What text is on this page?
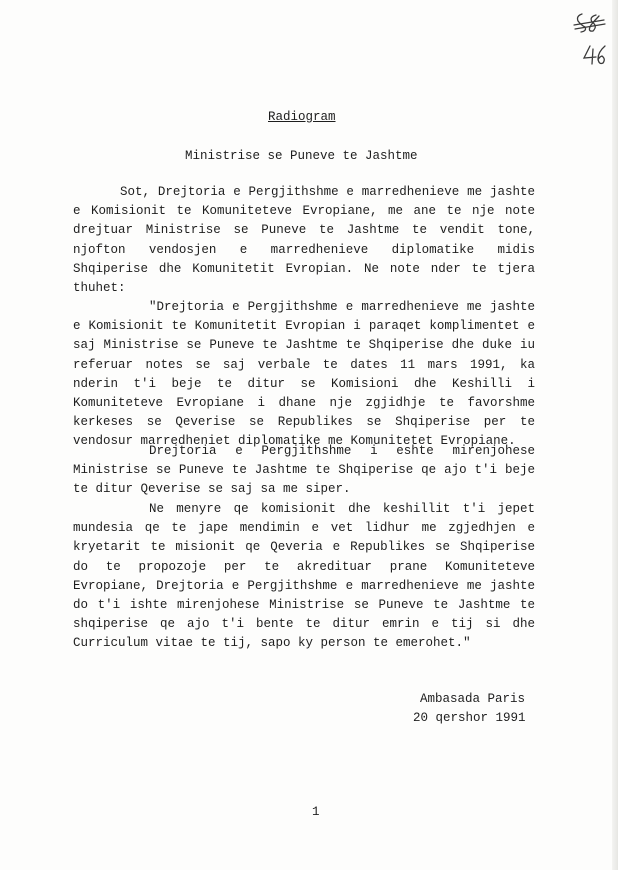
Radiogram
Ministrise se Puneve te Jashtme

Sot, Drejtoria e Pergjithshme e marredhenieve me jashte e Komisionit te Komuniteteve Evropiane, me ane te nje note drejtuar Ministrise se Puneve te Jashtme te vendit tone, njofton vendosjen e marredhenieve diplomatike midis Shqiperise dhe Komunitetit Evropian. Ne note nder te tjera thuhet:

"Drejtoria e Pergjithshme e marredhenieve me jashte e Komisionit te Komunitetit Evropian i paraqet komplimentet e saj Ministrise se Puneve te Jashtme te Shqiperise dhe duke iu referuar notes se saj verbale te dates 11 mars 1991, ka nderin t'i beje te ditur se Komisioni dhe Keshilli i Komuniteteve Evropiane i dhane nje zgjidhje te favorshme kerkeses se Qeverise se Republikes se Shqiperise per te vendosur marredheniet diplomatike me Komunitetet Evropiane.

Drejtoria e Pergjithshme i eshte mirenjohese Ministrise se Puneve te Jashtme te Shqiperise qe ajo t'i beje te ditur Qeverise se saj sa me siper.

Ne menyre qe komisionit dhe keshillit t'i jepet mundesia qe te jape mendimin e vet lidhur me zgjedhjen e kryetarit te misionit qe Qeveria e Republikes se Shqiperise do te propozoje per te akredituar prane Komuniteteve Evropiane, Drejtoria e Pergjithshme e marredhenieve me jashte do t'i ishte mirenjohese Ministrise se Puneve te Jashtme te shqiperise qe ajo t'i bente te ditur emrin e tij si dhe Curriculum vitae te tij, sapo ky person te emerohet."

Ambasada Paris
20 qershor 1991
1
